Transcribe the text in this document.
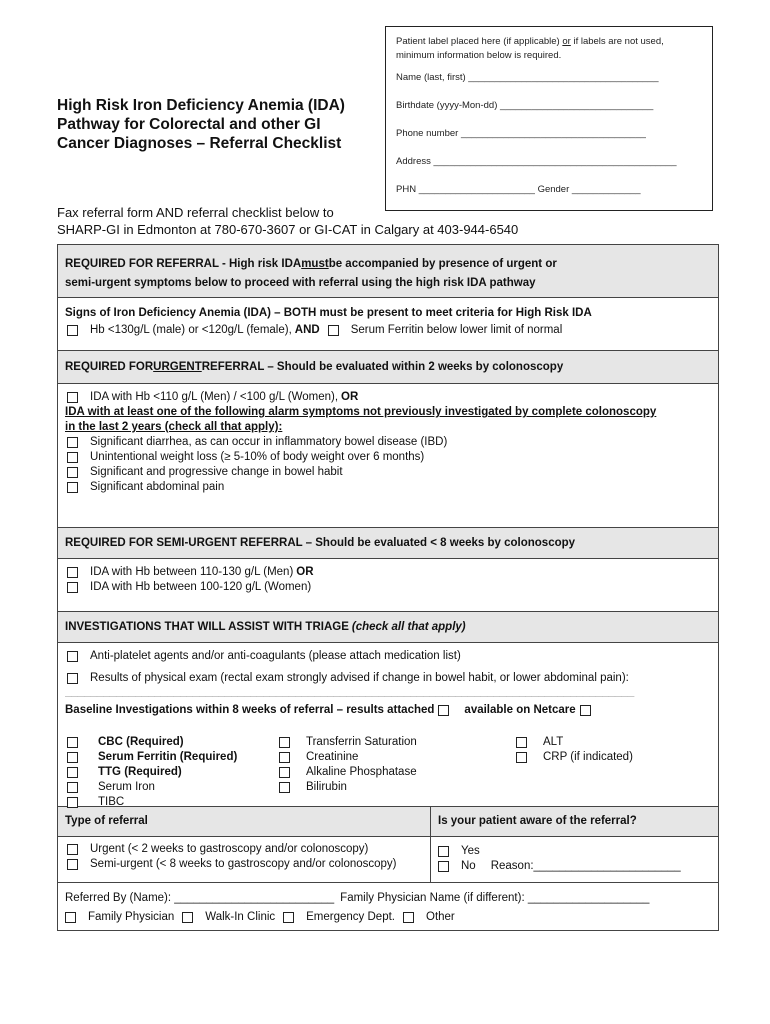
High Risk Iron Deficiency Anemia (IDA)
Pathway for Colorectal and other GI
Cancer Diagnoses – Referral Checklist
Patient label placed here (if applicable) or if labels are not used, minimum information below is required.
Name (last, first) ____________________________________
Birthdate (yyyy-Mon-dd) _____________________________
Phone number ___________________________________
Address ______________________________________________
PHN ______________________ Gender _____________
Fax referral form AND referral checklist below to
SHARP-GI in Edmonton at 780-670-3607 or GI-CAT in Calgary at 403-944-6540
REQUIRED FOR REFERRAL - High risk IDA must be accompanied by presence of urgent or
semi-urgent symptoms below to proceed with referral using the high risk IDA pathway
Signs of Iron Deficiency Anemia (IDA) – BOTH must be present to meet criteria for High Risk IDA
Hb <130g/L (male) or <120g/L (female), AND	Serum Ferritin below lower limit of normal
REQUIRED FOR URGENT REFERRAL – Should be evaluated within 2 weeks by colonoscopy
IDA with Hb <110 g/L (Men) / <100 g/L (Women), OR
IDA with at least one of the following alarm symptoms not previously investigated by complete colonoscopy
in the last 2 years (check all that apply):
Significant diarrhea, as can occur in inflammatory bowel disease (IBD)
Unintentional weight loss (≥ 5-10% of body weight over 6 months)
Significant and progressive change in bowel habit
Significant abdominal pain
REQUIRED FOR SEMI-URGENT REFERRAL – Should be evaluated < 8 weeks by colonoscopy
IDA with Hb between 110-130 g/L (Men) OR
IDA with Hb between 100-120 g/L (Women)
INVESTIGATIONS THAT WILL ASSIST WITH TRIAGE (check all that apply)
Anti-platelet agents and/or anti-coagulants (please attach medication list)
Results of physical exam (rectal exam strongly advised if change in bowel habit, or lower abdominal pain):
_________________________________________________________________________________________
Baseline Investigations within 8 weeks of referral – results attached	available on Netcare
CBC (Required)
Serum Ferritin (Required)
TTG (Required)
Serum Iron
TIBC
Transferrin Saturation
Creatinine
Alkaline Phosphatase
Bilirubin
ALT
CRP (if indicated)
Type of referral
Urgent (< 2 weeks to gastroscopy and/or colonoscopy)
Semi-urgent (< 8 weeks to gastroscopy and/or colonoscopy)
Is your patient aware of the referral?
Yes
No Reason:_______________________
Referred By (Name): _________________________ Family Physician Name (if different): ___________________
Family Physician	Walk-In Clinic	Emergency Dept.	Other
